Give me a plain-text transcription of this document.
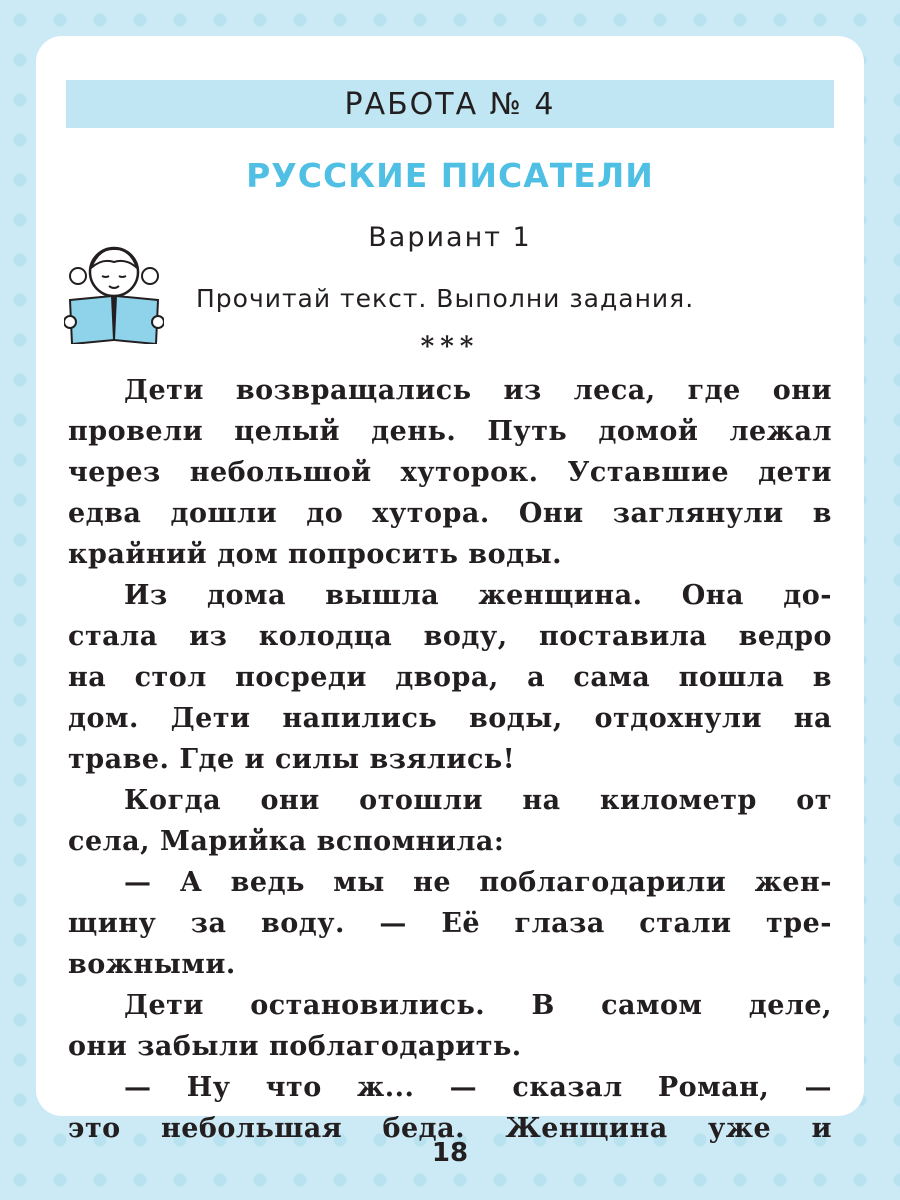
РАБОТА № 4
РУССКИЕ ПИСАТЕЛИ
Вариант 1
Прочитай текст. Выполни задания.
***
Дети возвращались из леса, где они
провели целый день. Путь домой лежал
через небольшой хуторок. Уставшие дети
едва дошли до хутора. Они заглянули в
крайний дом попросить воды.
Из дома вышла женщина. Она до-
стала из колодца воду, поставила ведро
на стол посреди двора, а сама пошла в
дом. Дети напились воды, отдохнули на
траве. Где и силы взялись!
Когда они отошли на километр от
села, Марийка вспомнила:
— А ведь мы не поблагодарили жен-
щину за воду. — Её глаза стали тре-
вожными.
Дети остановились. В самом деле,
они забыли поблагодарить.
— Ну что ж... — сказал Роман, —
это небольшая беда. Женщина уже и
18
